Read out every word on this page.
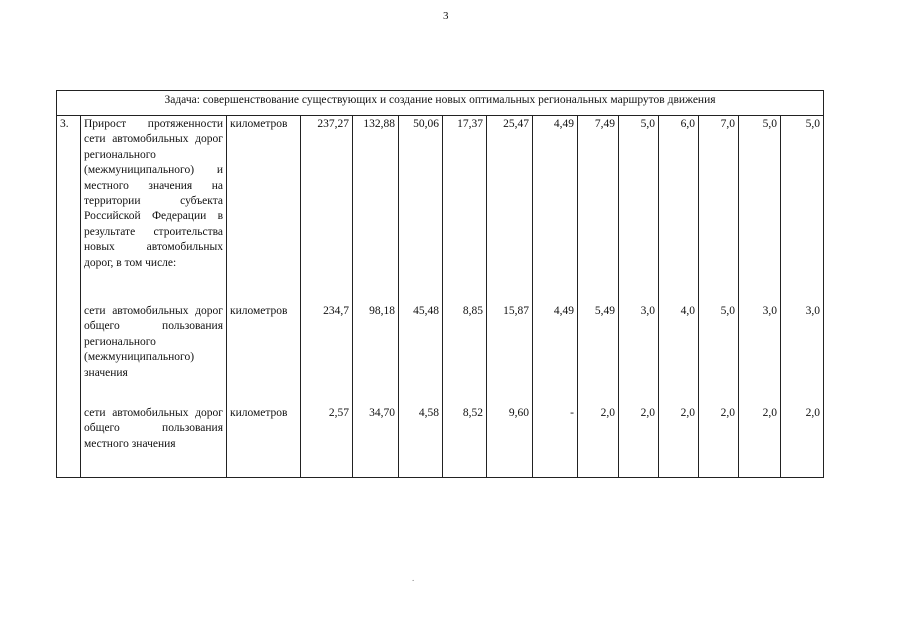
3
Задача: совершенствование существующих и создание новых оптимальных региональных маршрутов движения														
3.	Прирост протяженности сети автомобильных дорог регионального (межмуниципального) и местного значения на территории субъекта Российской Федерации в результате строительства новых автомобильных дорог, в том числе:	километров	237,27	132,88	50,06	17,37	25,47	4,49	7,49	5,0	6,0	7,0	5,0	5,0
	сети автомобильных дорог общего пользования регионального (межмуниципального) значения	километров	234,7	98,18	45,48	8,85	15,87	4,49	5,49	3,0	4,0	5,0	3,0	3,0
	сети автомобильных дорог общего пользования местного значения	километров	2,57	34,70	4,58	8,52	9,60	-	2,0	2,0	2,0	2,0	2,0	2,0
.
